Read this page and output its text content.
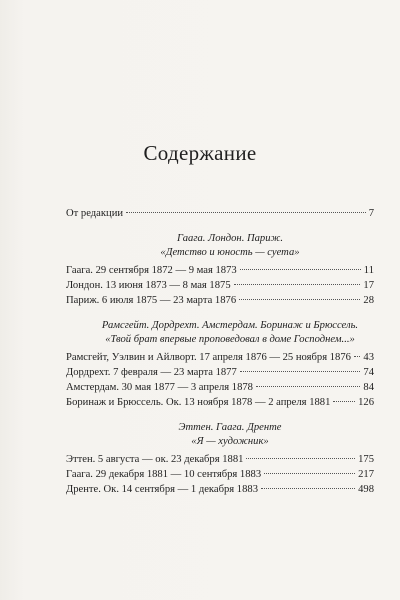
Содержание
От редакции	7
Гаага. Лондон. Париж.
«Детство и юность — суета»
Гаага. 29 сентября 1872 — 9 мая 1873	11
Лондон. 13 июня 1873 — 8 мая 1875	17
Париж. 6 июля 1875 — 23 марта 1876	28
Рамсгейт. Дордрехт. Амстердам. Боринаж и Брюссель.
«Твой брат впервые проповедовал в доме Господнем...»
Рамсгейт, Уэлвин и Айлворт. 17 апреля 1876 — 25 ноября 1876 43
Дордрехт. 7 февраля — 23 марта 1877	74
Амстердам. 30 мая 1877 — 3 апреля 1878	84
Боринаж и Брюссель. Ок. 13 ноября 1878 — 2 апреля 1881	126
Эттен. Гаага. Дренте
«Я — художник»
Эттен. 5 августа — ок. 23 декабря 1881	175
Гаага. 29 декабря 1881 — 10 сентября 1883	217
Дренте. Ок. 14 сентября — 1 декабря 1883	498
